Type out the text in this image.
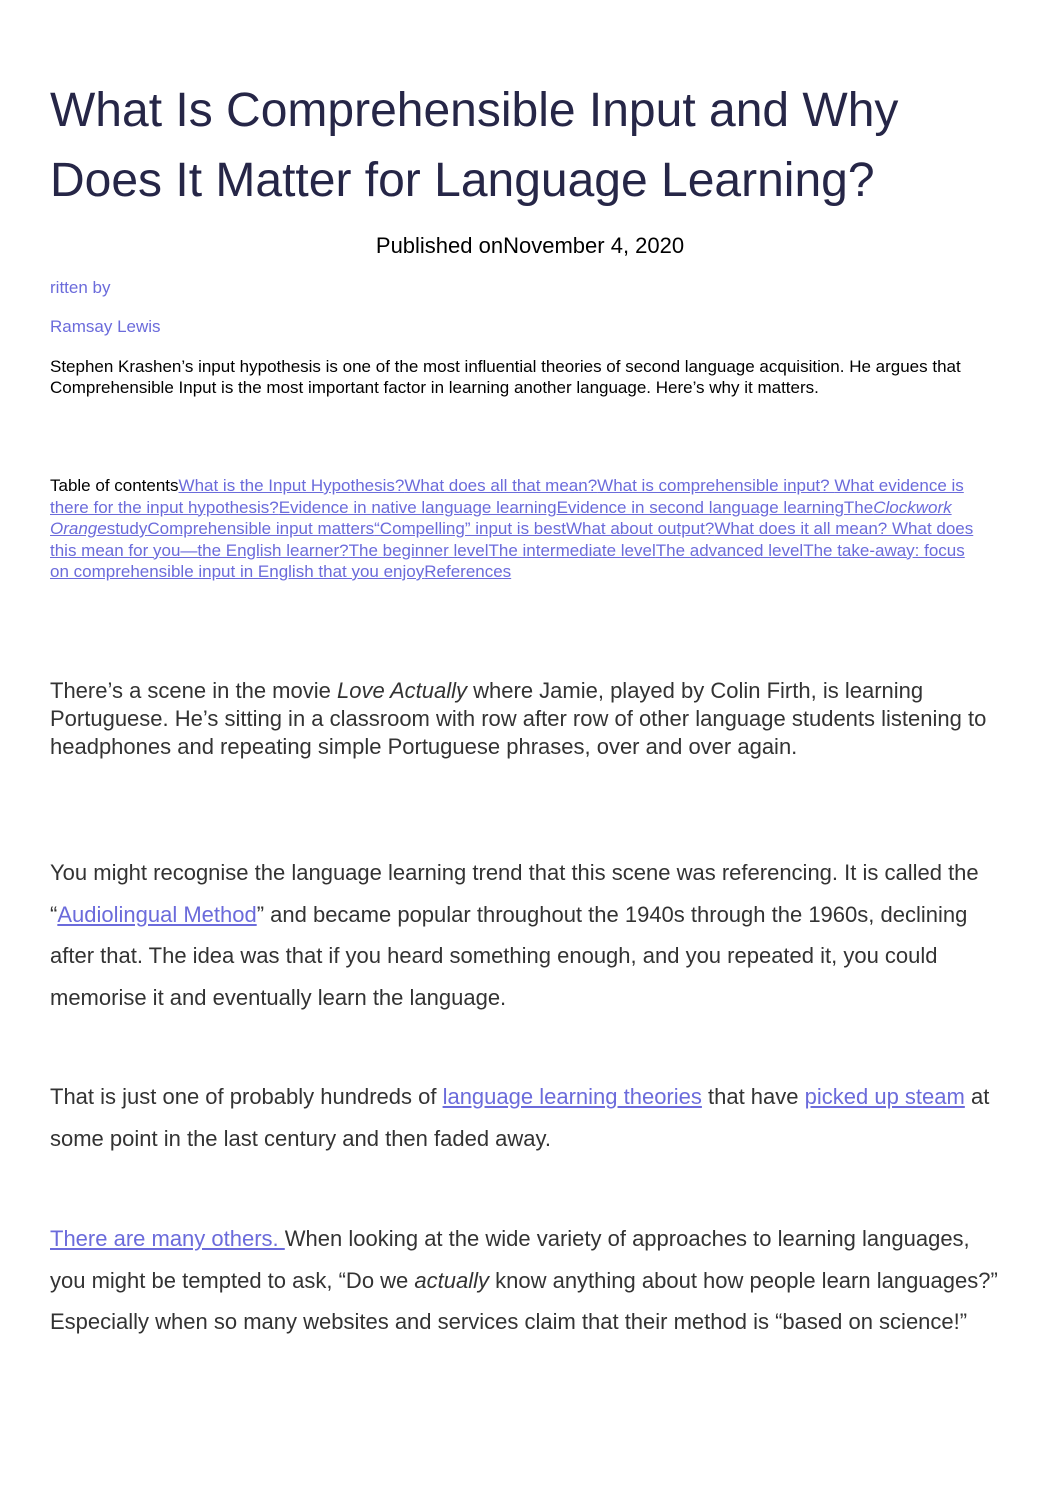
What Is Comprehensible Input and Why Does It Matter for Language Learning?
Published onNovember 4, 2020
ritten by
Ramsay Lewis

Stephen Krashen’s input hypothesis is one of the most influential theories of second language acquisition. He argues that Comprehensible Input is the most important factor in learning another language. Here’s why it matters.

Table of contentsWhat is the Input Hypothesis?What does all that mean?What is comprehensible input? What evidence is there for the input hypothesis?Evidence in native language learningEvidence in second language learningTheClockwork OrangestudyComprehensible input matters“Compelling” input is bestWhat about output?What does it all mean? What does this mean for you—the English learner?The beginner levelThe intermediate levelThe advanced levelThe take-away: focus on comprehensible input in English that you enjoyReferences

There’s a scene in the movie Love Actually where Jamie, played by Colin Firth, is learning Portuguese. He’s sitting in a classroom with row after row of other language students listening to headphones and repeating simple Portuguese phrases, over and over again.

You might recognise the language learning trend that this scene was referencing. It is called the “Audiolingual Method” and became popular throughout the 1940s through the 1960s, declining after that. The idea was that if you heard something enough, and you repeated it, you could memorise it and eventually learn the language.

That is just one of probably hundreds of language learning theories that have picked up steam at some point in the last century and then faded away.

There are many others. When looking at the wide variety of approaches to learning languages, you might be tempted to ask, “Do we actually know anything about how people learn languages?” Especially when so many websites and services claim that their method is “based on science!”
